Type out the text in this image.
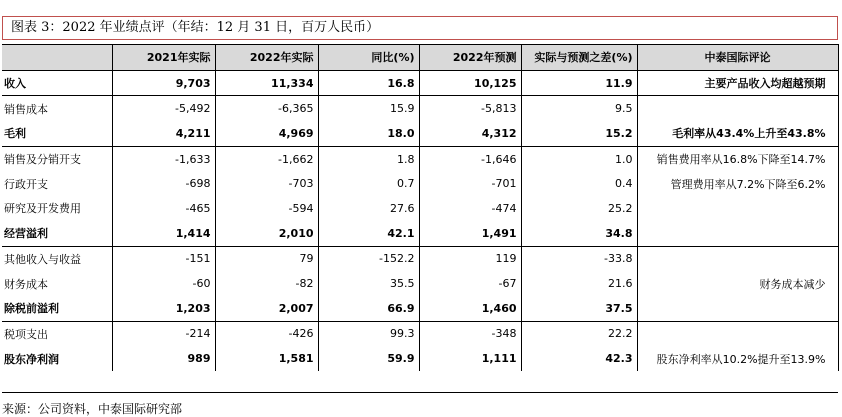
图表 3：2022 年业绩点评（年结：12 月 31 日，百万人民币）
	2021年实际	2022年实际	同比(%)	2022年预测	实际与预测之差(%)	中泰国际评论
收入	9,703	11,334	16.8	10,125	11.9	主要产品收入均超越预期
销售成本	-5,492	-6,365	15.9	-5,813	9.5	
毛利	4,211	4,969	18.0	4,312	15.2	毛利率从43.4%上升至43.8%
销售及分销开支	-1,633	-1,662	1.8	-1,646	1.0	销售费用率从16.8%下降至14.7%
行政开支	-698	-703	0.7	-701	0.4	管理费用率从7.2%下降至6.2%
研究及开发费用	-465	-594	27.6	-474	25.2	
经营溢利	1,414	2,010	42.1	1,491	34.8	
其他收入与收益	-151	79	-152.2	119	-33.8	
财务成本	-60	-82	35.5	-67	21.6	财务成本减少
除税前溢利	1,203	2,007	66.9	1,460	37.5	
税项支出	-214	-426	99.3	-348	22.2	
股东净利润	989	1,581	59.9	1,111	42.3	股东净利率从10.2%提升至13.9%
来源：公司资料，中泰国际研究部
